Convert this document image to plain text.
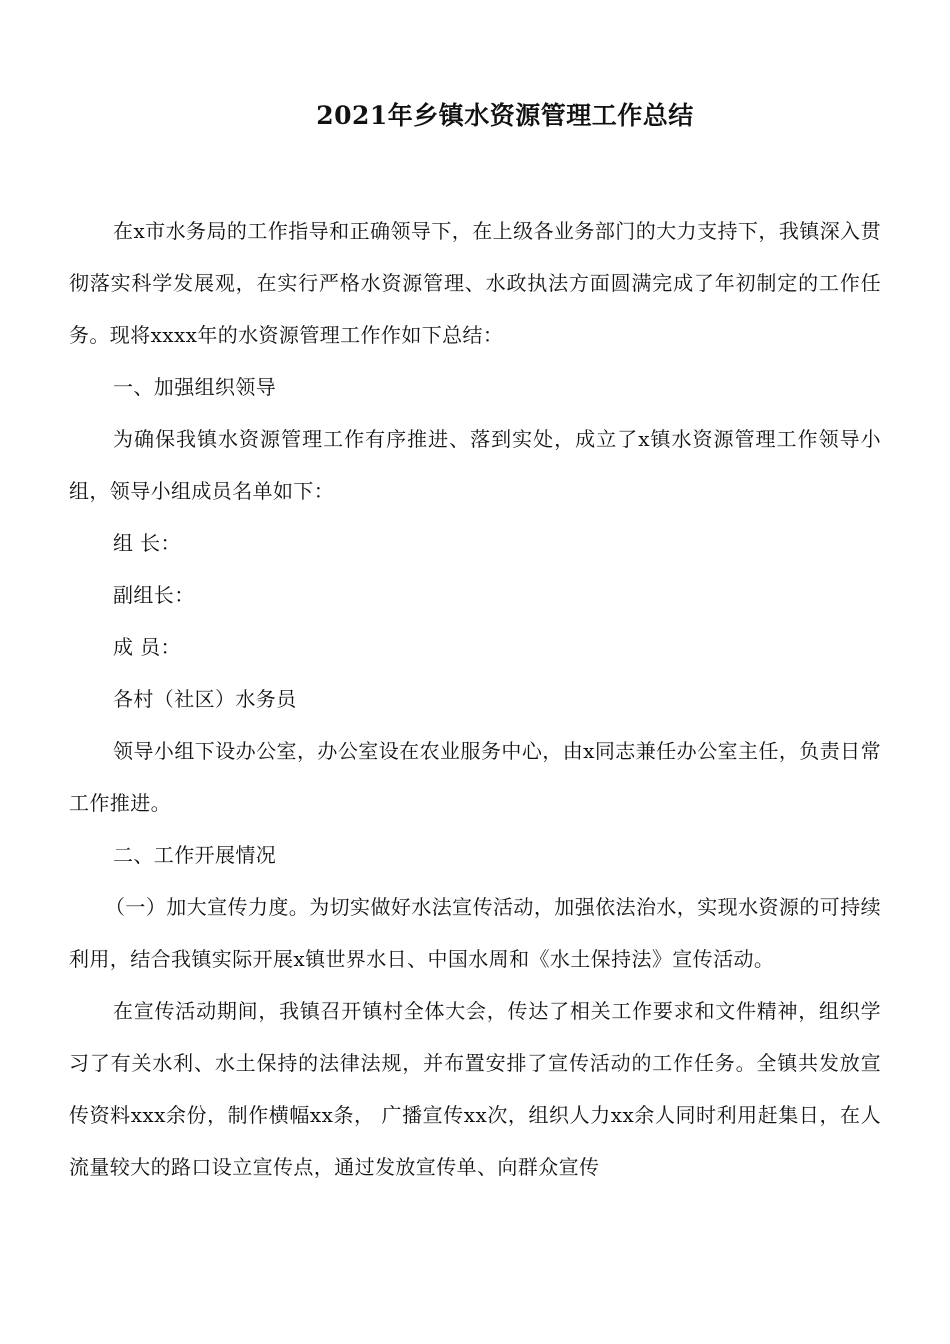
2021年乡镇水资源管理工作总结

在x市水务局的工作指导和正确领导下，在上级各业务部门的大力支持下，我镇深入贯彻落实科学发展观，在实行严格水资源管理、水政执法方面圆满完成了年初制定的工作任务。现将xxxx年的水资源管理工作作如下总结：

一、加强组织领导

为确保我镇水资源管理工作有序推进、落到实处，成立了x镇水资源管理工作领导小组，领导小组成员名单如下：

组 长：

副组长：

成 员：

各村（社区）水务员

领导小组下设办公室，办公室设在农业服务中心，由x同志兼任办公室主任，负责日常工作推进。

二、工作开展情况

（一）加大宣传力度。为切实做好水法宣传活动，加强依法治水，实现水资源的可持续利用，结合我镇实际开展x镇世界水日、中国水周和《水土保持法》宣传活动。

在宣传活动期间，我镇召开镇村全体大会，传达了相关工作要求和文件精神，组织学习了有关水利、水土保持的法律法规，并布置安排了宣传活动的工作任务。全镇共发放宣传资料xxx余份，制作横幅xx条， 广播宣传xx次，组织人力xx余人同时利用赶集日，在人流量较大的路口设立宣传点，通过发放宣传单、向群众宣传
